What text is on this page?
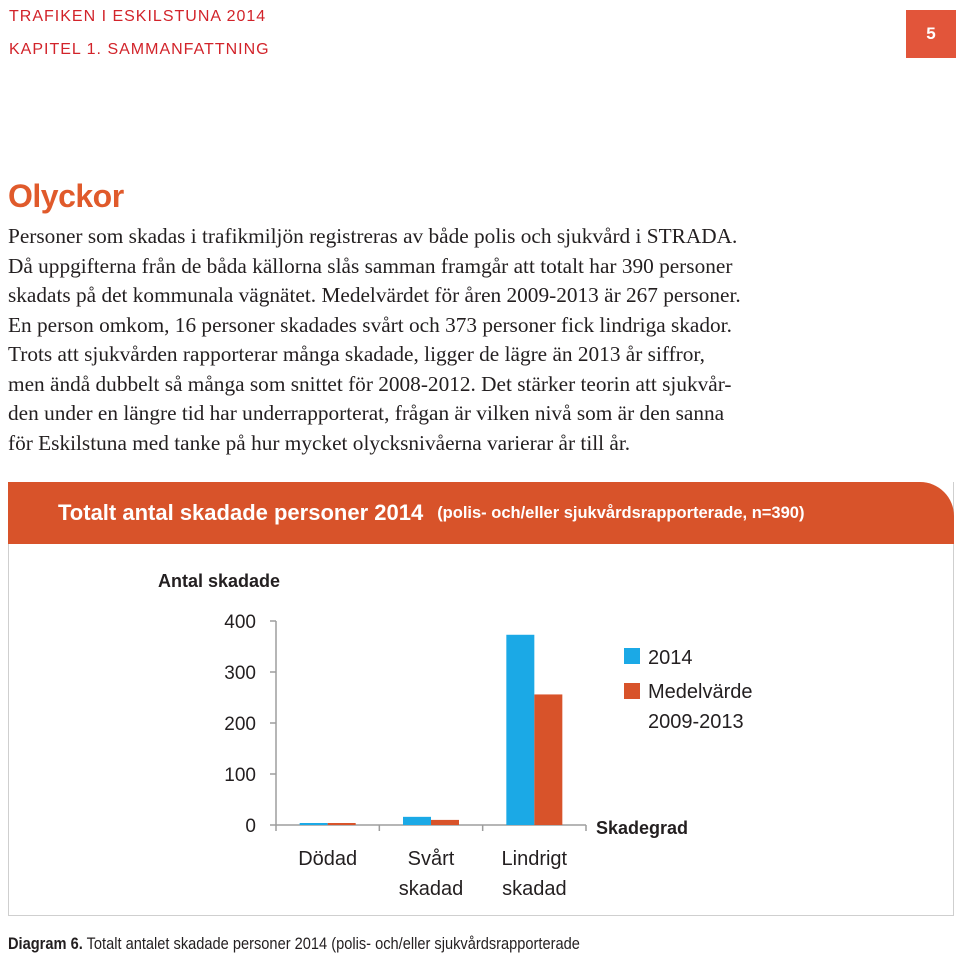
TRAFIKEN I ESKILSTUNA 2014
KAPITEL 1. SAMMANFATTNING
5
Olyckor

Personer som skadas i trafikmiljön registreras av både polis och sjukvård i STRADA.
Då uppgifterna från de båda källorna slås samman framgår att totalt har 390 personer
skadats på det kommunala vägnätet. Medelvärdet för åren 2009-2013 är 267 personer.
En person omkom, 16 personer skadades svårt och 373 personer fick lindriga skador.
Trots att sjukvården rapporterar många skadade, ligger de lägre än 2013 år siffror,
men ändå dubbelt så många som snittet för 2008-2012. Det stärker teorin att sjukvår-
den under en längre tid har underrapporterat, frågan är vilken nivå som är den sanna
för Eskilstuna med tanke på hur mycket olycksnivåerna varierar år till år.

Totalt antal skadade personer 2014 (polis- och/eller sjukvårdsrapporterade, n=390)
Antal skadade
0
100
200
300
400
Dödad	Svårt
skadad
Lindrigt
skadad
Skadegrad
2014
Medelvärde
2009-2013
Diagram 6. Totalt antalet skadade personer 2014 (polis- och/eller sjukvårdsrapporterade
